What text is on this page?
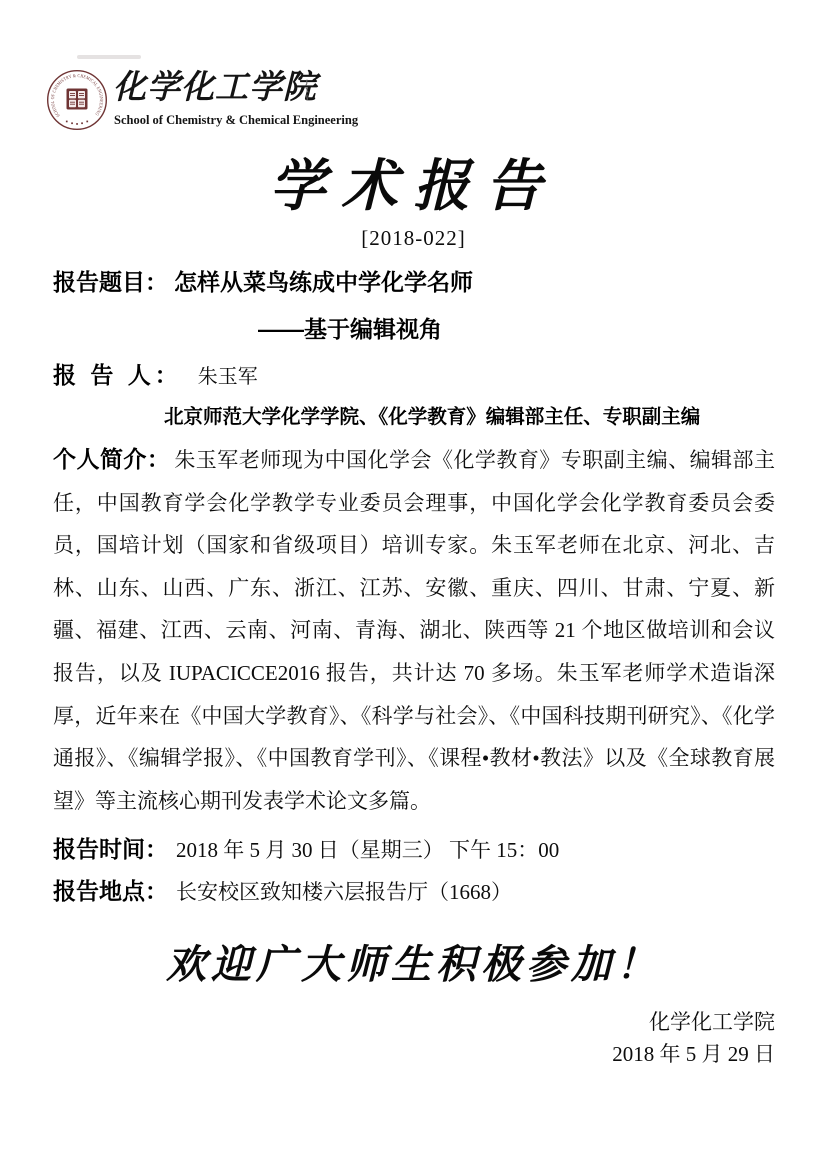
SCHOOL OF CHEMISTRY & CHEMICAL ENGINEERING
化学化工学院
School of Chemistry & Chemical Engineering
学术报告
[2018-022]
报告题目： 怎样从菜鸟练成中学化学名师
——基于编辑视角
报 告 人： 朱玉军
北京师范大学化学学院、《化学教育》编辑部主任、专职副主编

个人简介： 朱玉军老师现为中国化学会《化学教育》专职副主编、编辑部主任，中国教育学会化学教学专业委员会理事，中国化学会化学教育委员会委员，国培计划（国家和省级项目）培训专家。朱玉军老师在北京、河北、吉林、山东、山西、广东、浙江、江苏、安徽、重庆、四川、甘肃、宁夏、新疆、福建、江西、云南、河南、青海、湖北、陕西等 21 个地区做培训和会议报告，以及 IUPACICCE2016 报告，共计达 70 多场。朱玉军老师学术造诣深厚，近年来在《中国大学教育》、《科学与社会》、《中国科技期刊研究》、《化学通报》、《编辑学报》、《中国教育学刊》、《课程•教材•教法》以及《全球教育展望》等主流核心期刊发表学术论文多篇。

报告时间： 2018 年 5 月 30 日（星期三） 下午 15：00
报告地点： 长安校区致知楼六层报告厅（1668）
欢迎广大师生积极参加！
化学化工学院
2018 年 5 月 29 日
